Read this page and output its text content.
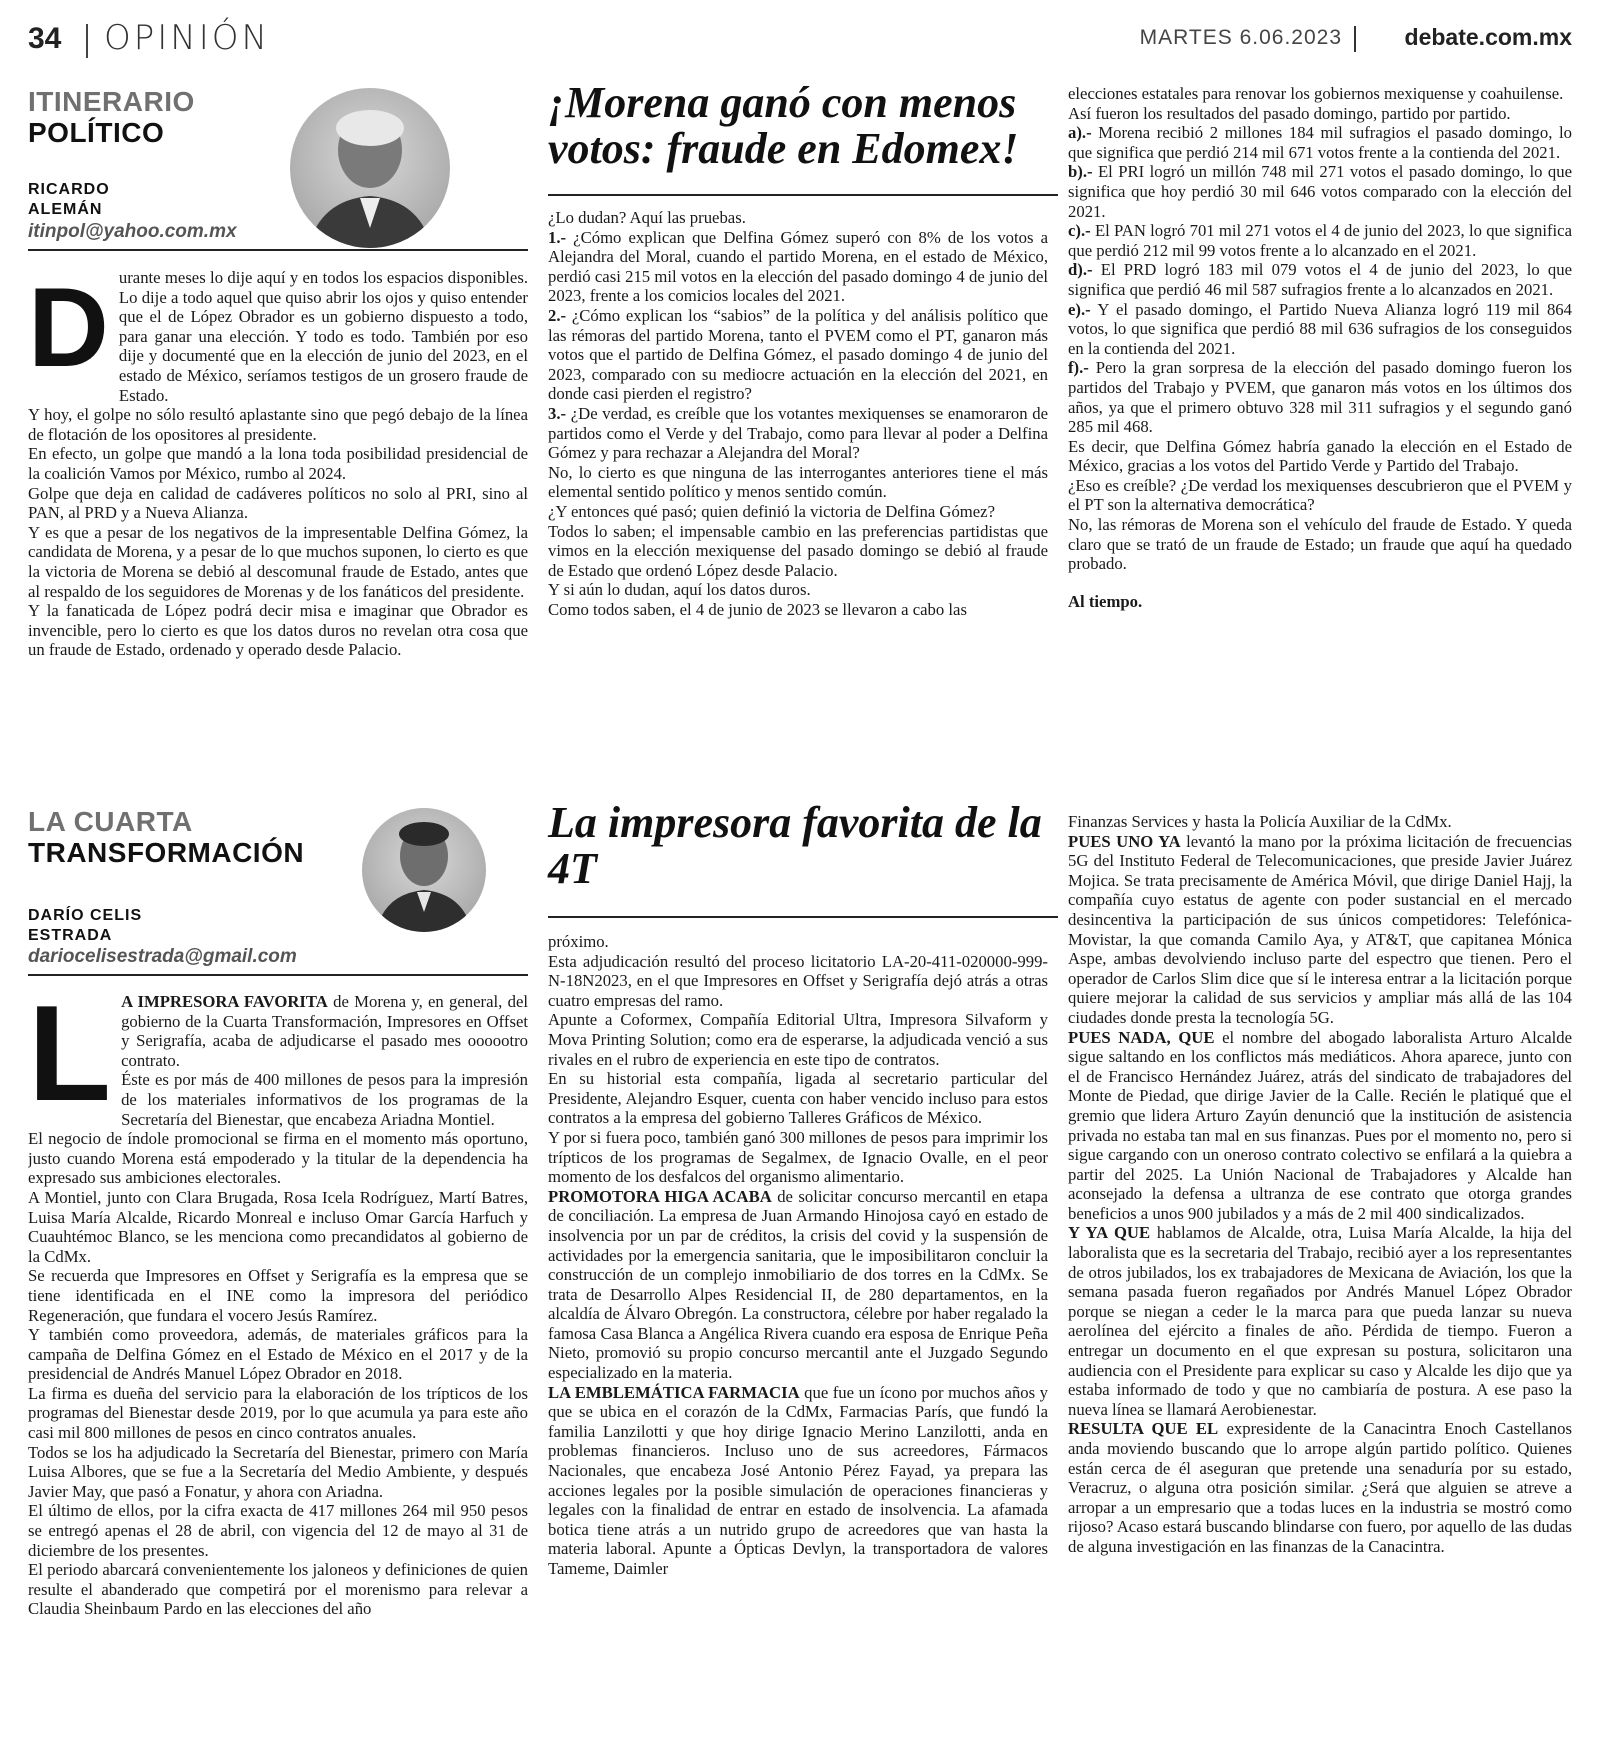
34 OPINIÓN	MARTES 6.06.2023	debate.com.mx
ITINERARIO
POLÍTICO
RICARDO
ALEMÁN
itinpol@yahoo.com.mx
¡Morena ganó con menos votos: fraude en Edomex!
D urante meses lo dije aquí y en todos los espacios disponibles. Lo dije a todo aquel que quiso abrir los ojos y quiso entender que el de López Obrador es un gobierno dispuesto a todo, para ganar una elección. Y todo es todo. También por eso dije y documenté que en la elección de junio del 2023, en el estado de México, seríamos testigos de un grosero fraude de Estado.

Y hoy, el golpe no sólo resultó aplastante sino que pegó debajo de la línea de flotación de los opositores al presidente.

En efecto, un golpe que mandó a la lona toda posibilidad presidencial de la coalición Vamos por México, rumbo al 2024.

Golpe que deja en calidad de cadáveres políticos no solo al PRI, sino al PAN, al PRD y a Nueva Alianza.

Y es que a pesar de los negativos de la impresentable Delfina Gómez, la candidata de Morena, y a pesar de lo que muchos suponen, lo cierto es que la victoria de Morena se debió al descomunal fraude de Estado, antes que al respaldo de los seguidores de Morenas y de los fanáticos del presidente.

Y la fanaticada de López podrá decir misa e imaginar que Obrador es invencible, pero lo cierto es que los datos duros no revelan otra cosa que un fraude de Estado, ordenado y operado desde Palacio.

¿Lo dudan? Aquí las pruebas.

1.- ¿Cómo explican que Delfina Gómez superó con 8% de los votos a Alejandra del Moral, cuando el partido Morena, en el estado de México, perdió casi 215 mil votos en la elección del pasado domingo 4 de junio del 2023, frente a los comicios locales del 2021.

2.- ¿Cómo explican los “sabios” de la política y del análisis político que las rémoras del partido Morena, tanto el PVEM como el PT, ganaron más votos que el partido de Delfina Gómez, el pasado domingo 4 de junio del 2023, comparado con su mediocre actuación en la elección del 2021, en donde casi pierden el registro?

3.- ¿De verdad, es creíble que los votantes mexiquenses se enamoraron de partidos como el Verde y del Trabajo, como para llevar al poder a Delfina Gómez y para rechazar a Alejandra del Moral?

No, lo cierto es que ninguna de las interrogantes anteriores tiene el más elemental sentido político y menos sentido común.

¿Y entonces qué pasó; quien definió la victoria de Delfina Gómez?

Todos lo saben; el impensable cambio en las preferencias partidistas que vimos en la elección mexiquense del pasado domingo se debió al fraude de Estado que ordenó López desde Palacio.

Y si aún lo dudan, aquí los datos duros.

Como todos saben, el 4 de junio de 2023 se llevaron a cabo las

elecciones estatales para renovar los gobiernos mexiquense y coahuilense.

Así fueron los resultados del pasado domingo, partido por partido.

a).- Morena recibió 2 millones 184 mil sufragios el pasado domingo, lo que significa que perdió 214 mil 671 votos frente a la contienda del 2021.

b).- El PRI logró un millón 748 mil 271 votos el pasado domingo, lo que significa que hoy perdió 30 mil 646 votos comparado con la elección del 2021.

c).- El PAN logró 701 mil 271 votos el 4 de junio del 2023, lo que significa que perdió 212 mil 99 votos frente a lo alcanzado en el 2021.

d).- El PRD logró 183 mil 079 votos el 4 de junio del 2023, lo que significa que perdió 46 mil 587 sufragios frente a lo alcanzados en 2021.

e).- Y el pasado domingo, el Partido Nueva Alianza logró 119 mil 864 votos, lo que significa que perdió 88 mil 636 sufragios de los conseguidos en la contienda del 2021.

f).- Pero la gran sorpresa de la elección del pasado domingo fueron los partidos del Trabajo y PVEM, que ganaron más votos en los últimos dos años, ya que el primero obtuvo 328 mil 311 sufragios y el segundo ganó 285 mil 468.

Es decir, que Delfina Gómez habría ganado la elección en el Estado de México, gracias a los votos del Partido Verde y Partido del Trabajo.

¿Eso es creíble? ¿De verdad los mexiquenses descubrieron que el PVEM y el PT son la alternativa democrática?

No, las rémoras de Morena son el vehículo del fraude de Estado. Y queda claro que se trató de un fraude de Estado; un fraude que aquí ha quedado probado.

Al tiempo.

LA CUARTA
TRANSFORMACIÓN
DARÍO CELIS
ESTRADA
dariocelisestrada@gmail.com
La impresora favorita de la 4T
L A IMPRESORA FAVORITA de Morena y, en general, del gobierno de la Cuarta Transformación, Impresores en Offset y Serigrafía, acaba de adjudicarse el pasado mes oooootro contrato.

Éste es por más de 400 millones de pesos para la impresión de los materiales informativos de los programas de la Secretaría del Bienestar, que encabeza Ariadna Montiel.

El negocio de índole promocional se firma en el momento más oportuno, justo cuando Morena está empoderado y la titular de la dependencia ha expresado sus ambiciones electorales.

A Montiel, junto con Clara Brugada, Rosa Icela Rodríguez, Martí Batres, Luisa María Alcalde, Ricardo Monreal e incluso Omar García Harfuch y Cuauhtémoc Blanco, se les menciona como precandidatos al gobierno de la CdMx.

Se recuerda que Impresores en Offset y Serigrafía es la empresa que se tiene identificada en el INE como la impresora del periódico Regeneración, que fundara el vocero Jesús Ramírez.

Y también como proveedora, además, de materiales gráficos para la campaña de Delfina Gómez en el Estado de México en el 2017 y de la presidencial de Andrés Manuel López Obrador en 2018.

La firma es dueña del servicio para la elaboración de los trípticos de los programas del Bienestar desde 2019, por lo que acumula ya para este año casi mil 800 millones de pesos en cinco contratos anuales.

Todos se los ha adjudicado la Secretaría del Bienestar, primero con María Luisa Albores, que se fue a la Secretaría del Medio Ambiente, y después Javier May, que pasó a Fonatur, y ahora con Ariadna.

El último de ellos, por la cifra exacta de 417 millones 264 mil 950 pesos se entregó apenas el 28 de abril, con vigencia del 12 de mayo al 31 de diciembre de los presentes.

El periodo abarcará convenientemente los jaloneos y definiciones de quien resulte el abanderado que competirá por el morenismo para relevar a Claudia Sheinbaum Pardo en las elecciones del año

próximo.

Esta adjudicación resultó del proceso licitatorio LA-20-411-020000-999-N-18N2023, en el que Impresores en Offset y Serigrafía dejó atrás a otras cuatro empresas del ramo.

Apunte a Coformex, Compañía Editorial Ultra, Impresora Silvaform y Mova Printing Solution; como era de esperarse, la adjudicada venció a sus rivales en el rubro de experiencia en este tipo de contratos.

En su historial esta compañía, ligada al secretario particular del Presidente, Alejandro Esquer, cuenta con haber vencido incluso para estos contratos a la empresa del gobierno Talleres Gráficos de México.

Y por si fuera poco, también ganó 300 millones de pesos para imprimir los trípticos de los programas de Segalmex, de Ignacio Ovalle, en el peor momento de los desfalcos del organismo alimentario.

PROMOTORA HIGA ACABA de solicitar concurso mercantil en etapa de conciliación. La empresa de Juan Armando Hinojosa cayó en estado de insolvencia por un par de créditos, la crisis del covid y la suspensión de actividades por la emergencia sanitaria, que le imposibilitaron concluir la construcción de un complejo inmobiliario de dos torres en la CdMx. Se trata de Desarrollo Alpes Residencial II, de 280 departamentos, en la alcaldía de Álvaro Obregón. La constructora, célebre por haber regalado la famosa Casa Blanca a Angélica Rivera cuando era esposa de Enrique Peña Nieto, promovió su propio concurso mercantil ante el Juzgado Segundo especializado en la materia.

LA EMBLEMÁTICA FARMACIA que fue un ícono por muchos años y que se ubica en el corazón de la CdMx, Farmacias París, que fundó la familia Lanzilotti y que hoy dirige Ignacio Merino Lanzilotti, anda en problemas financieros. Incluso uno de sus acreedores, Fármacos Nacionales, que encabeza José Antonio Pérez Fayad, ya prepara las acciones legales por la posible simulación de operaciones financieras y legales con la finalidad de entrar en estado de insolvencia. La afamada botica tiene atrás a un nutrido grupo de acreedores que van hasta la materia laboral. Apunte a Ópticas Devlyn, la transportadora de valores Tameme, Daimler

Finanzas Services y hasta la Policía Auxiliar de la CdMx.

PUES UNO YA levantó la mano por la próxima licitación de frecuencias 5G del Instituto Federal de Telecomunicaciones, que preside Javier Juárez Mojica. Se trata precisamente de América Móvil, que dirige Daniel Hajj, la compañía cuyo estatus de agente con poder sustancial en el mercado desincentiva la participación de sus únicos competidores: Telefónica-Movistar, la que comanda Camilo Aya, y AT&T, que capitanea Mónica Aspe, ambas devolviendo incluso parte del espectro que tienen. Pero el operador de Carlos Slim dice que sí le interesa entrar a la licitación porque quiere mejorar la calidad de sus servicios y ampliar más allá de las 104 ciudades donde presta la tecnología 5G.

PUES NADA, QUE el nombre del abogado laboralista Arturo Alcalde sigue saltando en los conflictos más mediáticos. Ahora aparece, junto con el de Francisco Hernández Juárez, atrás del sindicato de trabajadores del Monte de Piedad, que dirige Javier de la Calle. Recién le platiqué que el gremio que lidera Arturo Zayún denunció que la institución de asistencia privada no estaba tan mal en sus finanzas. Pues por el momento no, pero si sigue cargando con un oneroso contrato colectivo se enfilará a la quiebra a partir del 2025. La Unión Nacional de Trabajadores y Alcalde han aconsejado la defensa a ultranza de ese contrato que otorga grandes beneficios a unos 900 jubilados y a más de 2 mil 400 sindicalizados.

Y YA QUE hablamos de Alcalde, otra, Luisa María Alcalde, la hija del laboralista que es la secretaria del Trabajo, recibió ayer a los representantes de otros jubilados, los ex trabajadores de Mexicana de Aviación, los que la semana pasada fueron regañados por Andrés Manuel López Obrador porque se niegan a ceder le la marca para que pueda lanzar su nueva aerolínea del ejército a finales de año. Pérdida de tiempo. Fueron a entregar un documento en el que expresan su postura, solicitaron una audiencia con el Presidente para explicar su caso y Alcalde les dijo que ya estaba informado de todo y que no cambiaría de postura. A ese paso la nueva línea se llamará Aerobienestar.

RESULTA QUE EL expresidente de la Canacintra Enoch Castellanos anda moviendo buscando que lo arrope algún partido político. Quienes están cerca de él aseguran que pretende una senaduría por su estado, Veracruz, o alguna otra posición similar. ¿Será que alguien se atreve a arropar a un empresario que a todas luces en la industria se mostró como rijoso? Acaso estará buscando blindarse con fuero, por aquello de las dudas de alguna investigación en las finanzas de la Canacintra.
